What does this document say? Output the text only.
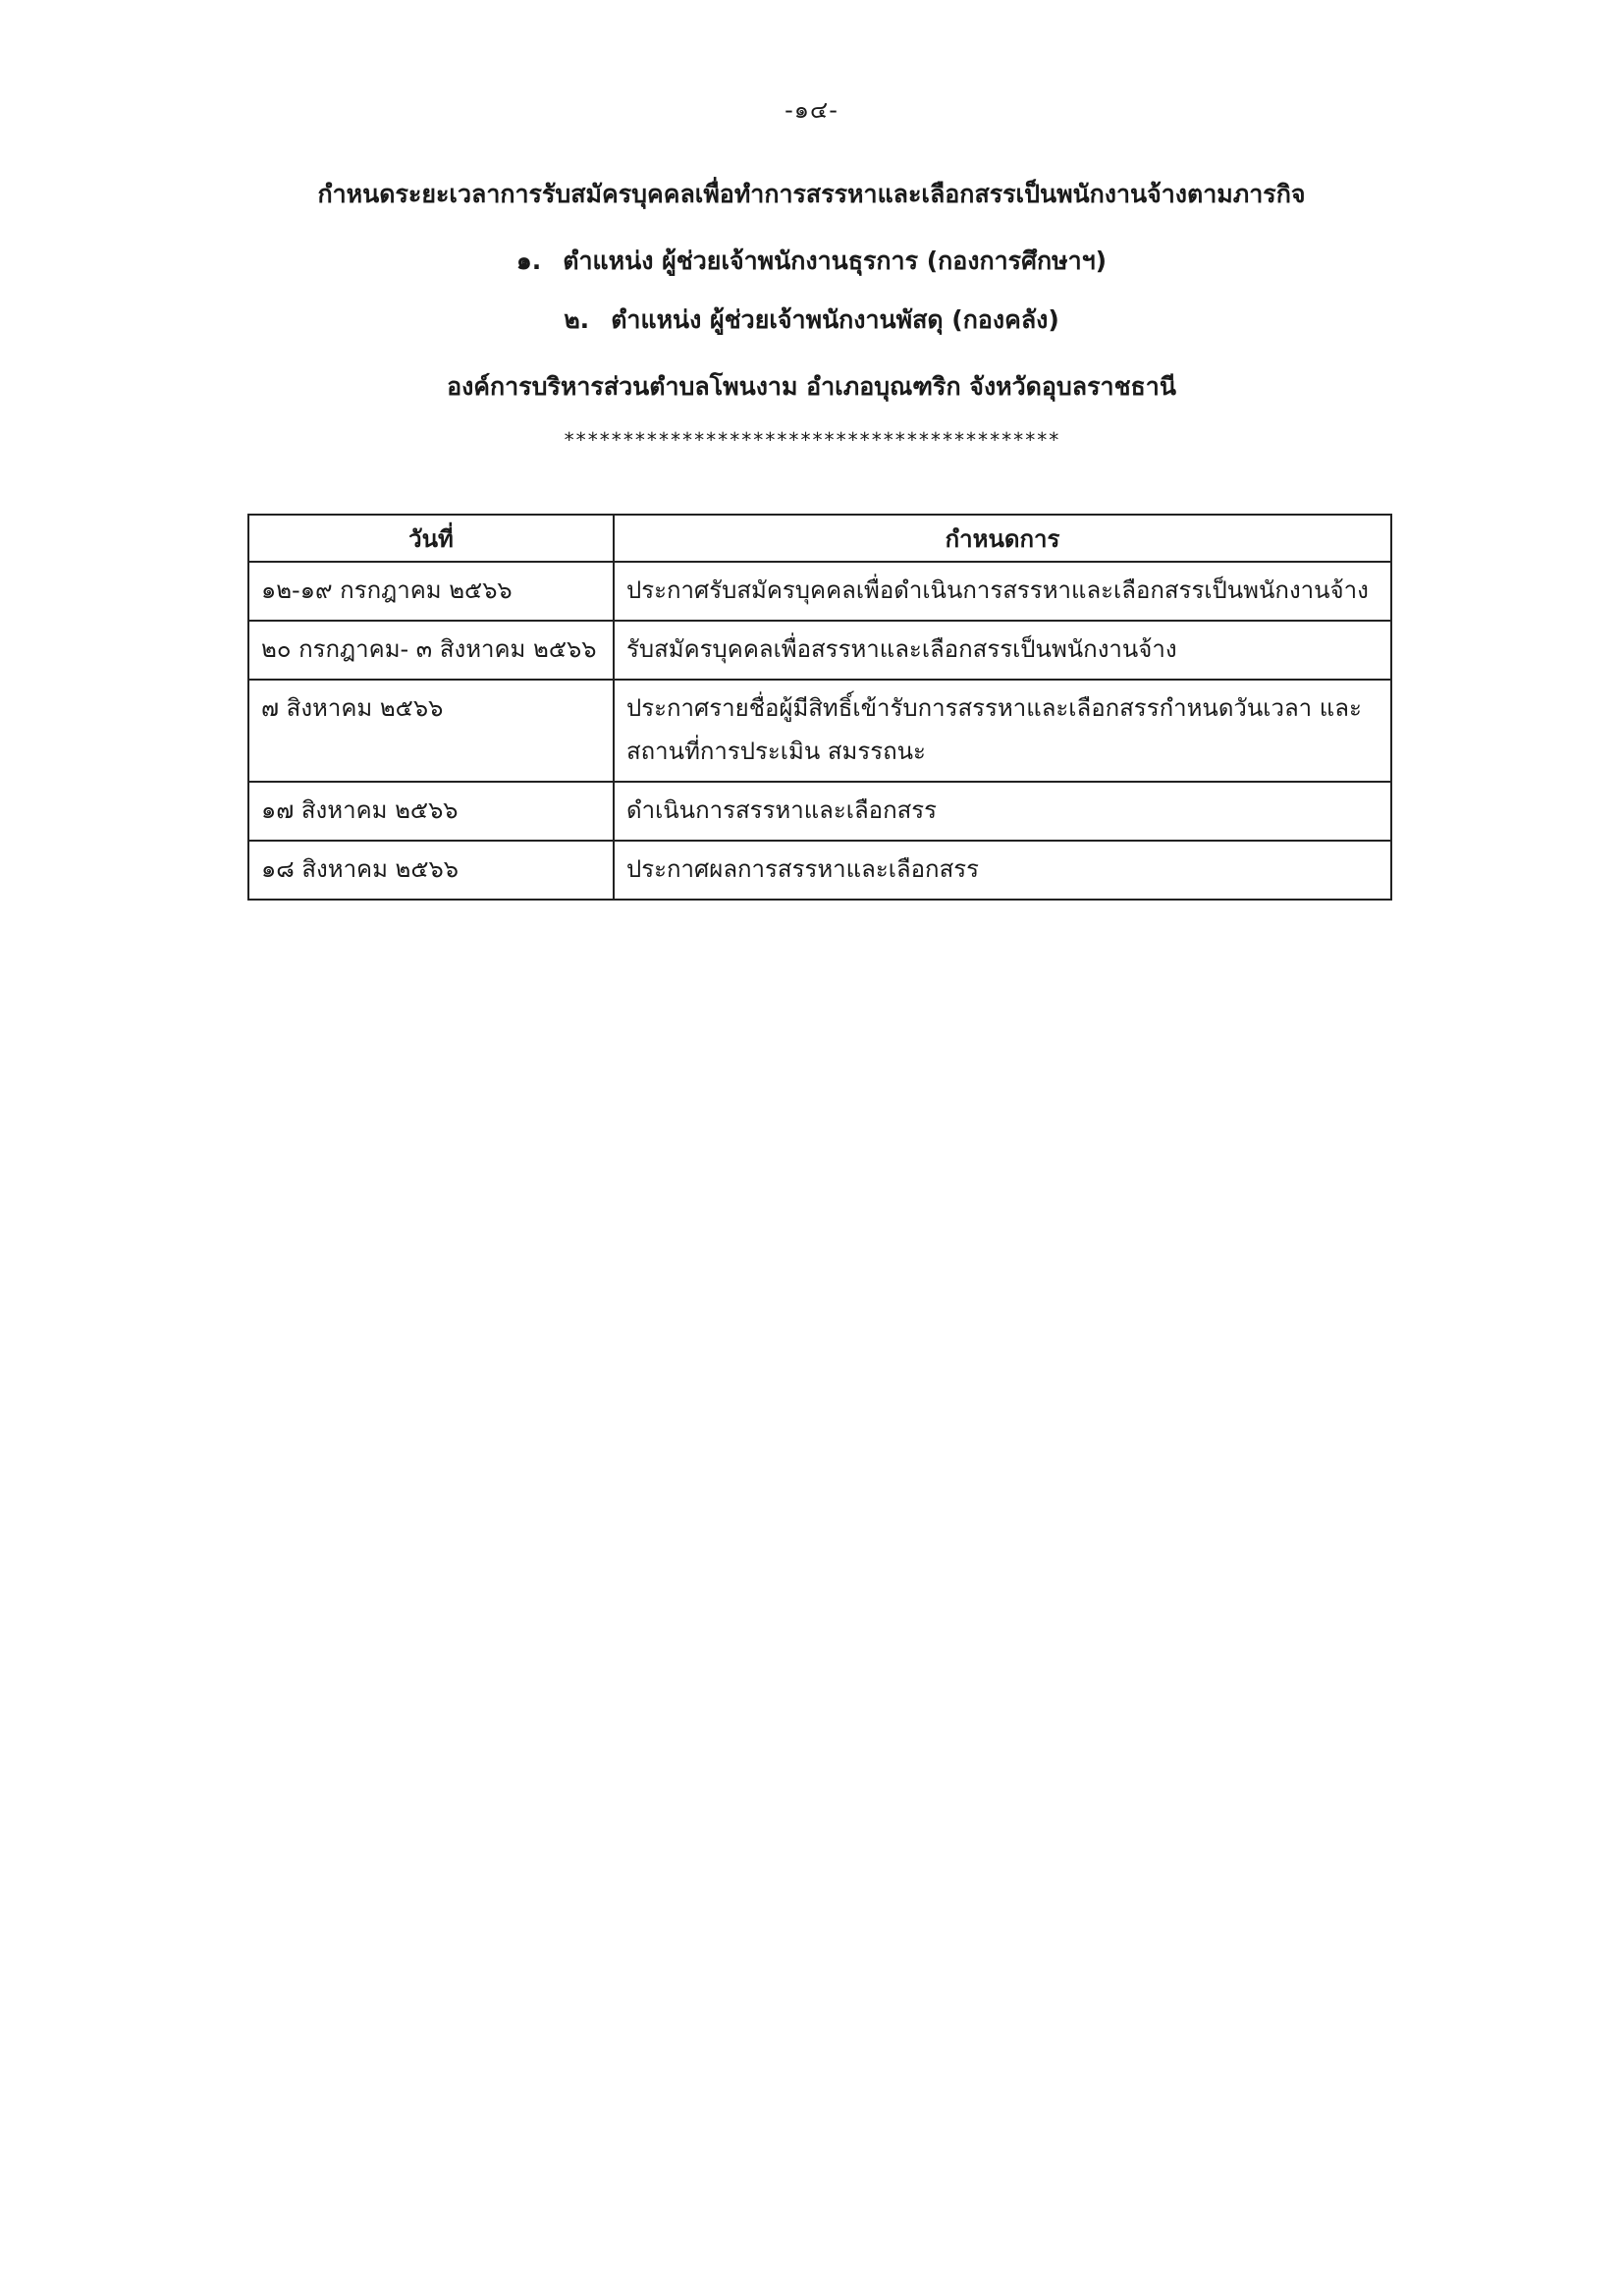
-๑๔-
กำหนดระยะเวลาการรับสมัครบุคคลเพื่อทำการสรรหาและเลือกสรรเป็นพนักงานจ้างตามภารกิจ
๑. ตำแหน่ง ผู้ช่วยเจ้าพนักงานธุรการ (กองการศึกษาฯ)
๒. ตำแหน่ง ผู้ช่วยเจ้าพนักงานพัสดุ (กองคลัง)
องค์การบริหารส่วนตำบลโพนงาม อำเภอบุณฑริก จังหวัดอุบลราชธานี
******************************************
วันที่	กำหนดการ
๑๒-๑๙ กรกฎาคม ๒๕๖๖	ประกาศรับสมัครบุคคลเพื่อดำเนินการสรรหาและเลือกสรรเป็นพนักงานจ้าง
๒๐ กรกฎาคม- ๓ สิงหาคม ๒๕๖๖	รับสมัครบุคคลเพื่อสรรหาและเลือกสรรเป็นพนักงานจ้าง
๗ สิงหาคม ๒๕๖๖	ประกาศรายชื่อผู้มีสิทธิ์เข้ารับการสรรหาและเลือกสรรกำหนดวันเวลา และสถานที่การประเมิน สมรรถนะ
๑๗ สิงหาคม ๒๕๖๖	ดำเนินการสรรหาและเลือกสรร
๑๘ สิงหาคม ๒๕๖๖	ประกาศผลการสรรหาและเลือกสรร
